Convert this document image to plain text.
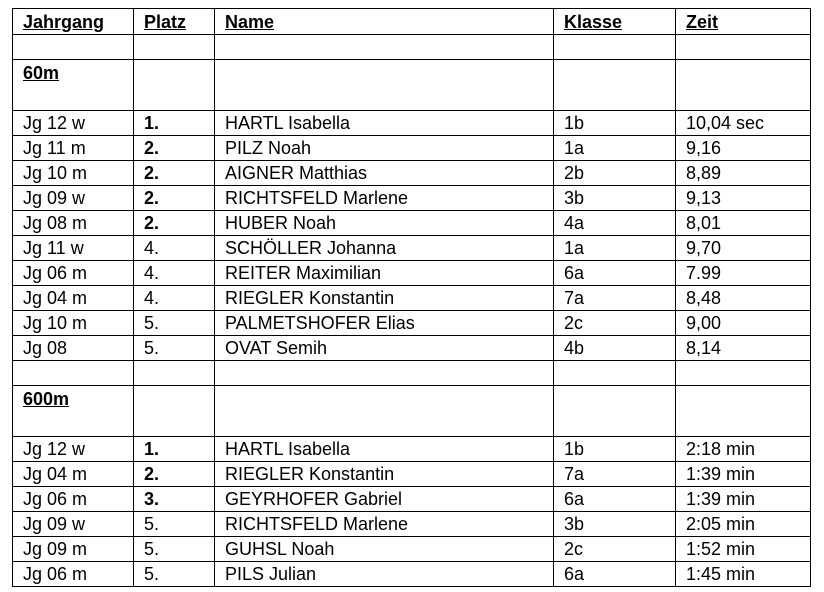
Jahrgang	Platz	Name	Klasse	Zeit

60m				
Jg 12 w	1.	HARTL Isabella	1b	10,04 sec
Jg 11 m	2.	PILZ Noah	1a	9,16
Jg 10 m	2.	AIGNER Matthias	2b	8,89
Jg 09 w	2.	RICHTSFELD Marlene	3b	9,13
Jg 08 m	2.	HUBER Noah	4a	8,01
Jg 11 w	4.	SCHÖLLER Johanna	1a	9,70
Jg 06 m	4.	REITER Maximilian	6a	7.99
Jg 04 m	4.	RIEGLER Konstantin	7a	8,48
Jg 10 m	5.	PALMETSHOFER Elias	2c	9,00
Jg 08	5.	OVAT Semih	4b	8,14

600m				
Jg 12 w	1.	HARTL Isabella	1b	2:18 min
Jg 04 m	2.	RIEGLER Konstantin	7a	1:39 min
Jg 06 m	3.	GEYRHOFER Gabriel	6a	1:39 min
Jg 09 w	5.	RICHTSFELD Marlene	3b	2:05 min
Jg 09 m	5.	GUHSL Noah	2c	1:52 min
Jg 06 m	5.	PILS Julian	6a	1:45 min
